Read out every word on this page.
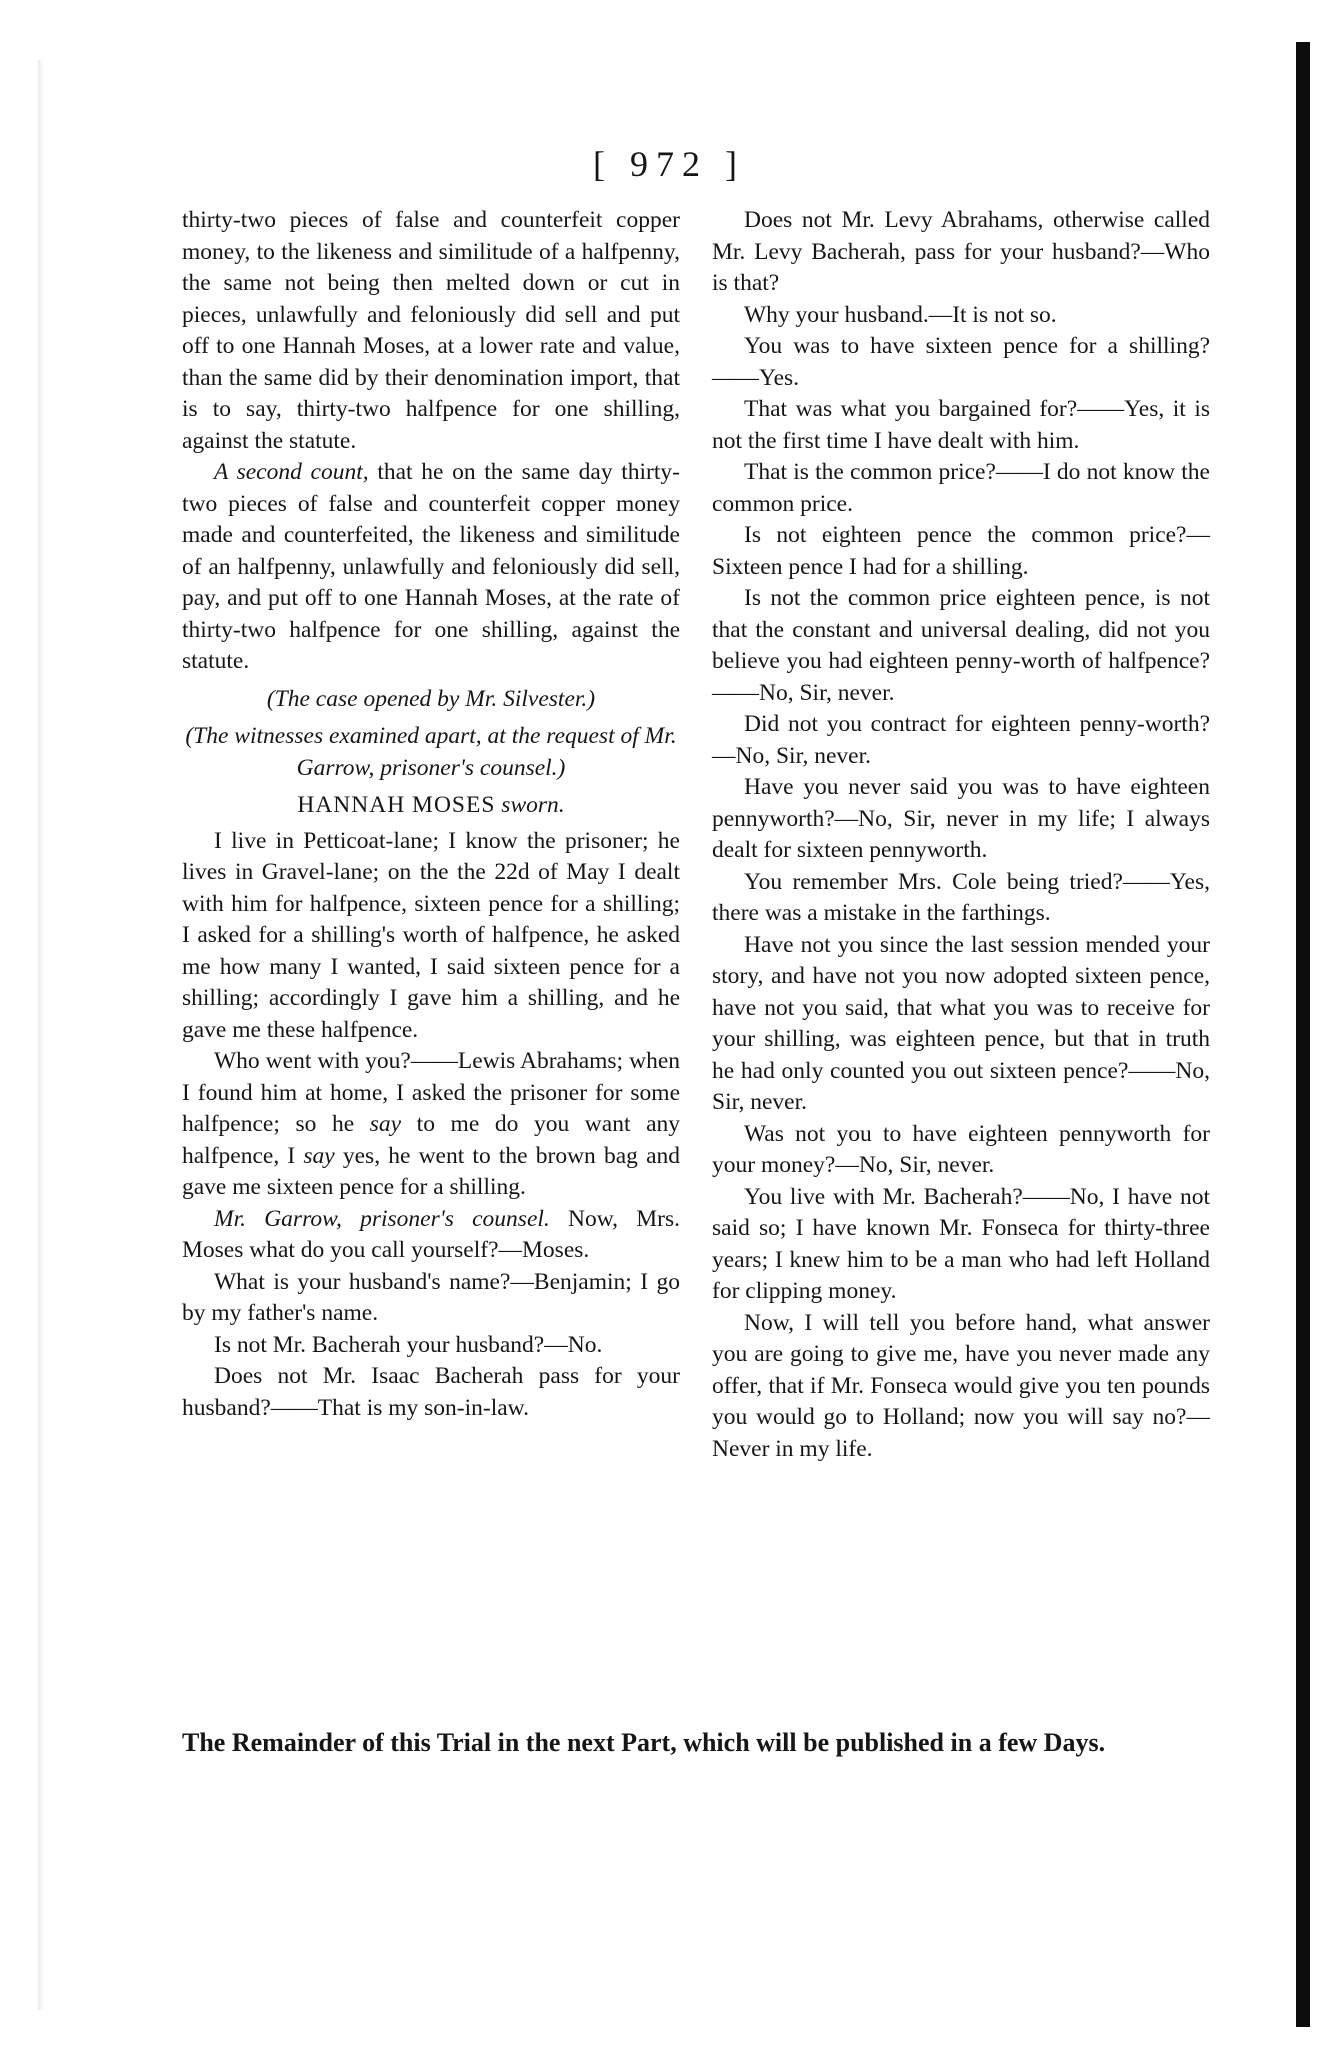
[ 972 ]

thirty-two pieces of false and counterfeit copper money, to the likeness and similitude of a halfpenny, the same not being then melted down or cut in pieces, unlawfully and feloniously did sell and put off to one Hannah Moses, at a lower rate and value, than the same did by their denomination import, that is to say, thirty-two halfpence for one shilling, against the statute.

A second count, that he on the same day thirty-two pieces of false and counterfeit copper money made and counterfeited, the likeness and similitude of an halfpenny, unlawfully and feloniously did sell, pay, and put off to one Hannah Moses, at the rate of thirty-two halfpence for one shilling, against the statute.

(The case opened by Mr. Silvester.)

(The witnesses examined apart, at the request of Mr. Garrow, prisoner's counsel.)

HANNAH MOSES sworn.

I live in Petticoat-lane; I know the prisoner; he lives in Gravel-lane; on the the 22d of May I dealt with him for halfpence, sixteen pence for a shilling; I asked for a shilling's worth of halfpence, he asked me how many I wanted, I said sixteen pence for a shilling; accordingly I gave him a shilling, and he gave me these halfpence.

Who went with you?——Lewis Abrahams; when I found him at home, I asked the prisoner for some halfpence; so he say to me do you want any halfpence, I say yes, he went to the brown bag and gave me sixteen pence for a shilling.

Mr. Garrow, prisoner's counsel. Now, Mrs. Moses what do you call yourself?—Moses.

What is your husband's name?—Benjamin; I go by my father's name.

Is not Mr. Bacherah your husband?—No.

Does not Mr. Isaac Bacherah pass for your husband?——That is my son-in-law.

Does not Mr. Levy Abrahams, otherwise called Mr. Levy Bacherah, pass for your husband?—Who is that?

Why your husband.—It is not so.

You was to have sixteen pence for a shilling?——Yes.

That was what you bargained for?——Yes, it is not the first time I have dealt with him.

That is the common price?——I do not know the common price.

Is not eighteen pence the common price?—Sixteen pence I had for a shilling.

Is not the common price eighteen pence, is not that the constant and universal dealing, did not you believe you had eighteen penny-worth of halfpence?——No, Sir, never.

Did not you contract for eighteen penny-worth?—No, Sir, never.

Have you never said you was to have eighteen pennyworth?—No, Sir, never in my life; I always dealt for sixteen pennyworth.

You remember Mrs. Cole being tried?——Yes, there was a mistake in the farthings.

Have not you since the last session mended your story, and have not you now adopted sixteen pence, have not you said, that what you was to receive for your shilling, was eighteen pence, but that in truth he had only counted you out sixteen pence?——No, Sir, never.

Was not you to have eighteen pennyworth for your money?—No, Sir, never.

You live with Mr. Bacherah?——No, I have not said so; I have known Mr. Fonseca for thirty-three years; I knew him to be a man who had left Holland for clipping money.

Now, I will tell you before hand, what answer you are going to give me, have you never made any offer, that if Mr. Fonseca would give you ten pounds you would go to Holland; now you will say no?—Never in my life.

The Remainder of this Trial in the next Part, which will be published in a few Days.
